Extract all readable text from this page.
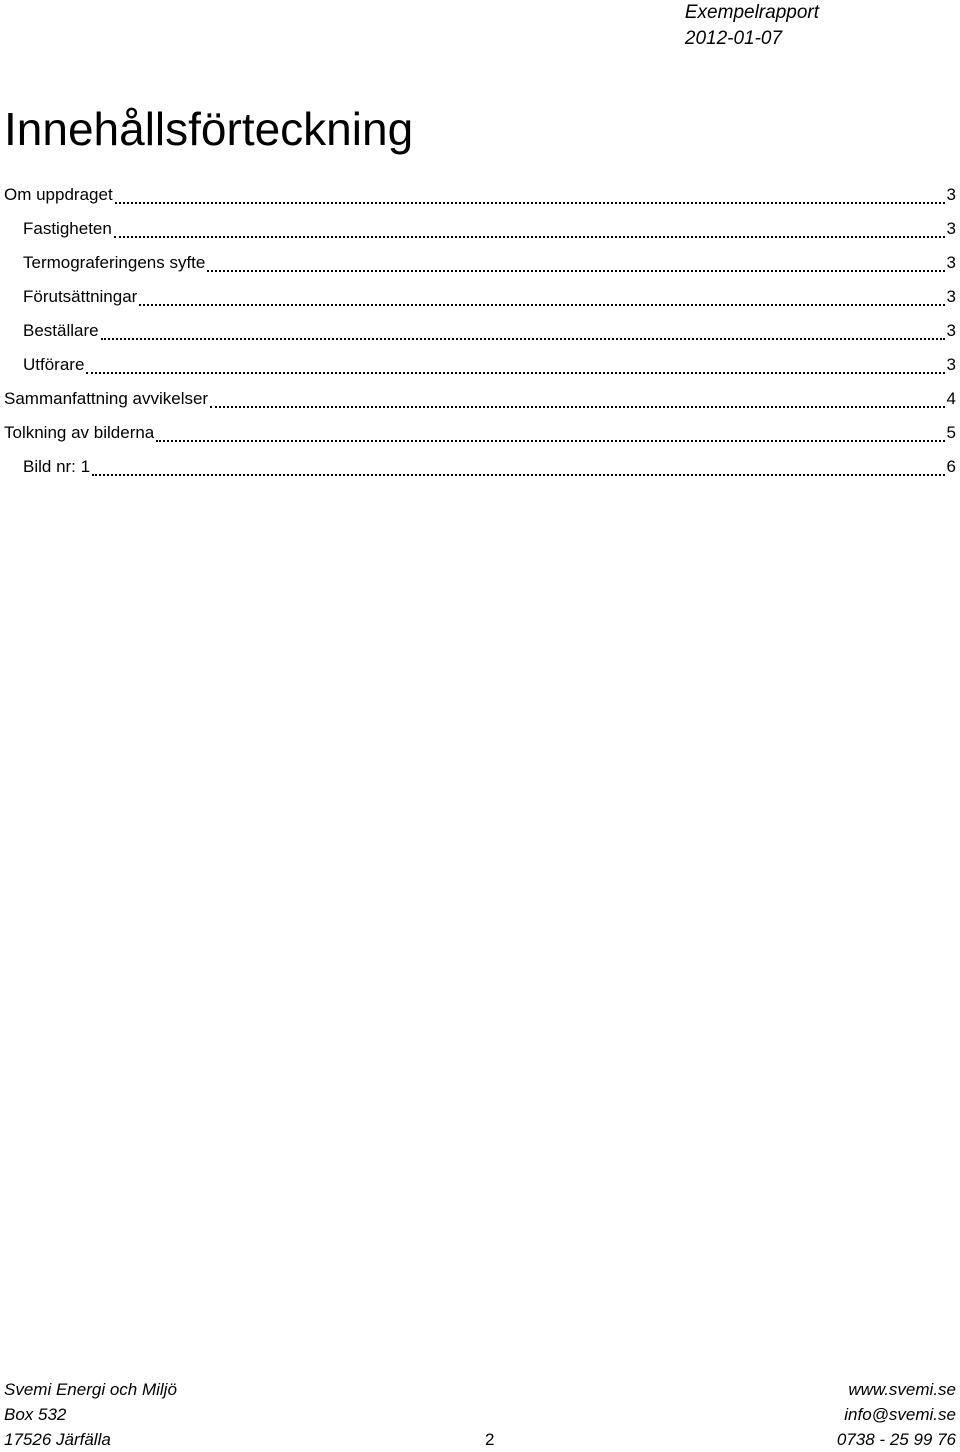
Exempelrapport
2012-01-07
Innehållsförteckning
Om uppdraget	3
Fastigheten	3
Termograferingens syfte	3
Förutsättningar	3
Beställare	3
Utförare	3
Sammanfattning avvikelser	4
Tolkning av bilderna	5
Bild nr: 1	6
Svemi Energi och Miljö
Box 532
17526 Järfälla	2
www.svemi.se
info@svemi.se
0738 - 25 99 76
